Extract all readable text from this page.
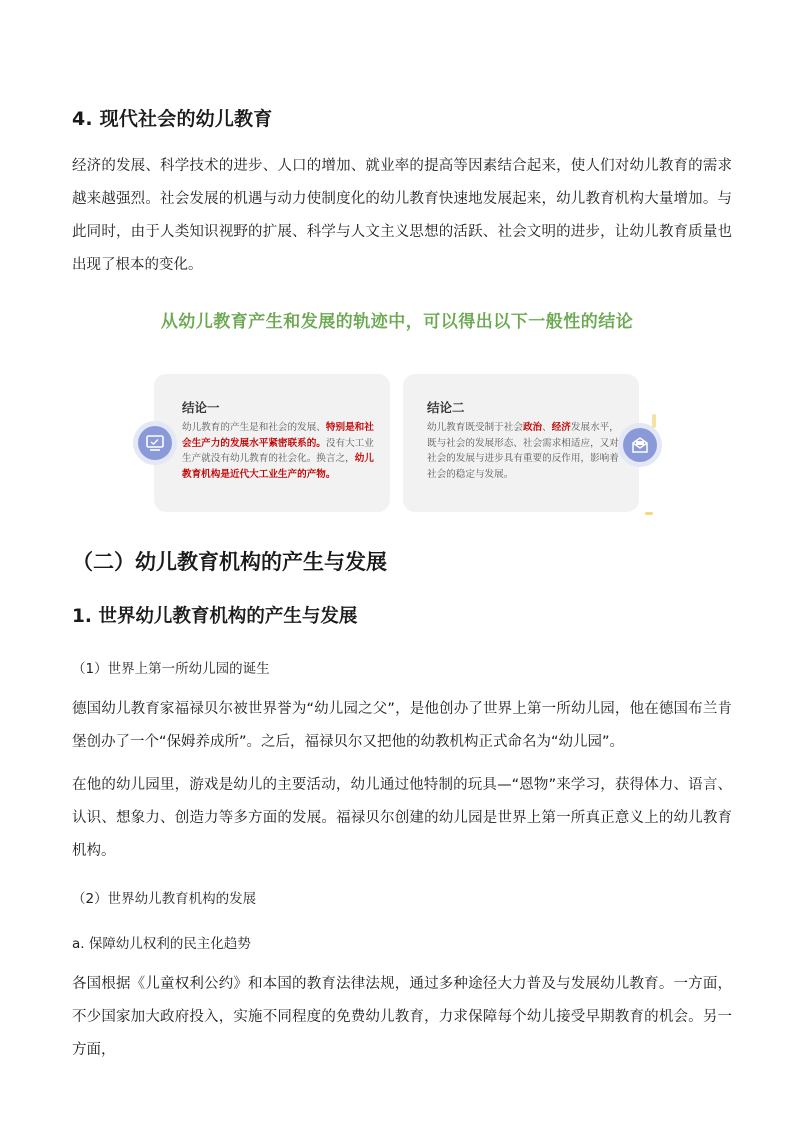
4. 现代社会的幼儿教育

经济的发展、科学技术的进步、人口的增加、就业率的提高等因素结合起来，使人们对幼儿教育的需求越来越强烈。社会发展的机遇与动力使制度化的幼儿教育快速地发展起来，幼儿教育机构大量增加。与此同时，由于人类知识视野的扩展、科学与人文主义思想的活跃、社会文明的进步，让幼儿教育质量也出现了根本的变化。

从幼儿教育产生和发展的轨迹中，可以得出以下一般性的结论
结论一
幼儿教育的产生是和社会的发展、特别是和社会生产力的发展水平紧密联系的。没有大工业生产就没有幼儿教育的社会化。换言之，幼儿教育机构是近代大工业生产的产物。
结论二
幼儿教育既受制于社会政治、经济发展水平，既与社会的发展形态、社会需求相适应，又对社会的发展与进步具有重要的反作用，影响着社会的稳定与发展。
（二）幼儿教育机构的产生与发展
1. 世界幼儿教育机构的产生与发展
（1）世界上第一所幼儿园的诞生

德国幼儿教育家福禄贝尔被世界誉为“幼儿园之父”，是他创办了世界上第一所幼儿园，他在德国布兰肯堡创办了一个“保姆养成所”。之后，福禄贝尔又把他的幼教机构正式命名为“幼儿园”。

在他的幼儿园里，游戏是幼儿的主要活动，幼儿通过他特制的玩具—“恩物”来学习，获得体力、语言、认识、想象力、创造力等多方面的发展。福禄贝尔创建的幼儿园是世界上第一所真正意义上的幼儿教育机构。

（2）世界幼儿教育机构的发展
a. 保障幼儿权利的民主化趋势

各国根据《儿童权利公约》和本国的教育法律法规，通过多种途径大力普及与发展幼儿教育。一方面，不少国家加大政府投入，实施不同程度的免费幼儿教育，力求保障每个幼儿接受早期教育的机会。另一方面，
